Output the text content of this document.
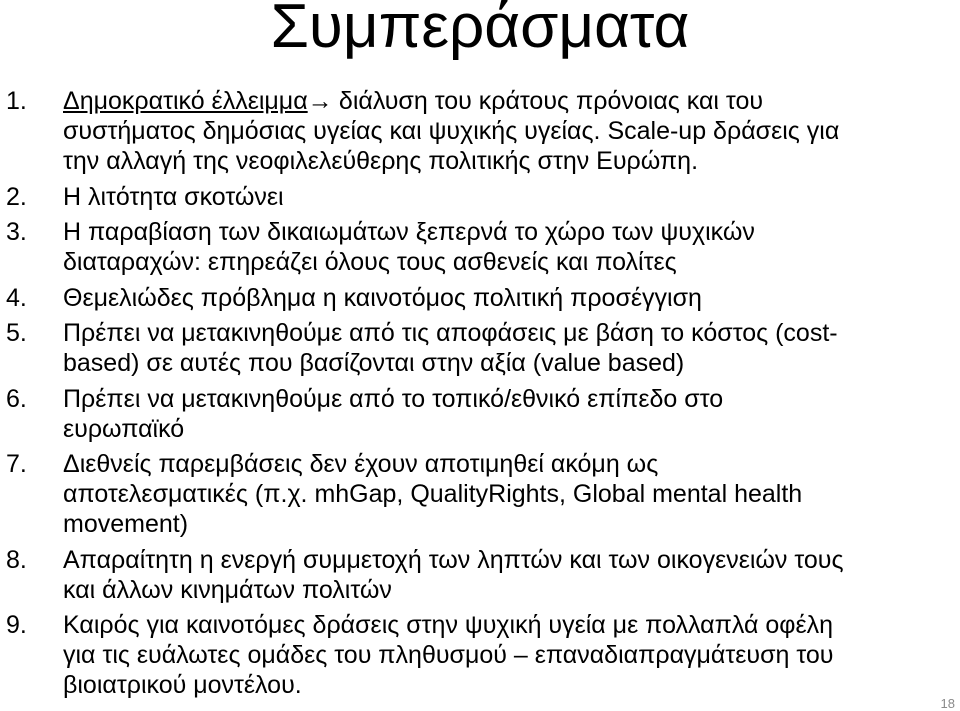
Συμπεράσματα
1.	Δημοκρατικό έλλειμμα→ διάλυση του κράτους πρόνοιας και του
συστήματος δημόσιας υγείας και ψυχικής υγείας. Scale-up δράσεις για
την αλλαγή της νεοφιλελεύθερης πολιτικής στην Ευρώπη.
2.	Η λιτότητα σκοτώνει
3.	Η παραβίαση των δικαιωμάτων ξεπερνά το χώρο των ψυχικών
διαταραχών: επηρεάζει όλους τους ασθενείς και πολίτες
4.	Θεμελιώδες πρόβλημα η καινοτόμος πολιτική προσέγγιση
5.	Πρέπει να μετακινηθούμε από τις αποφάσεις με βάση το κόστος (cost-
based) σε αυτές που βασίζονται στην αξία (value based)
6.	Πρέπει να μετακινηθούμε από το τοπικό/εθνικό επίπεδο στο
ευρωπαϊκό
7.	Διεθνείς παρεμβάσεις δεν έχουν αποτιμηθεί ακόμη ως
αποτελεσματικές (π.χ. mhGap, QualityRights, Global mental health
movement)
8.	Απαραίτητη η ενεργή συμμετοχή των ληπτών και των οικογενειών τους
και άλλων κινημάτων πολιτών
9.	Καιρός για καινοτόμες δράσεις στην ψυχική υγεία με πολλαπλά οφέλη
για τις ευάλωτες ομάδες του πληθυσμού – επαναδιαπραγμάτευση του
βιοιατρικού μοντέλου.
18
